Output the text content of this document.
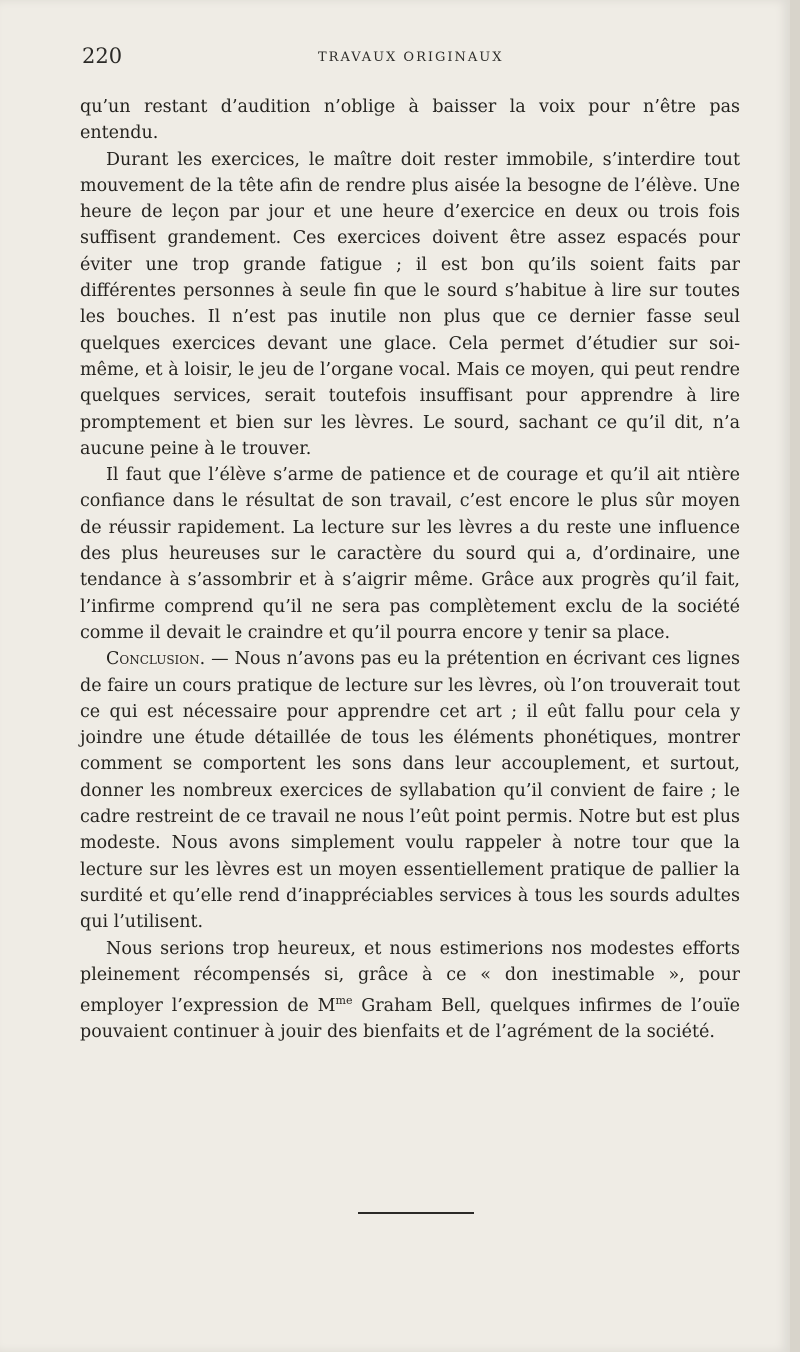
220	TRAVAUX ORIGINAUX

qu’un restant d’audition n’oblige à baisser la voix pour n’être pas entendu.

Durant les exercices, le maître doit rester immobile, s’interdire tout mouvement de la tête afin de rendre plus aisée la besogne de l’élève. Une heure de leçon par jour et une heure d’exercice en deux ou trois fois suffisent grandement. Ces exercices doivent être assez espacés pour éviter une trop grande fatigue ; il est bon qu’ils soient faits par différentes personnes à seule fin que le sourd s’habitue à lire sur toutes les bouches. Il n’est pas inutile non plus que ce dernier fasse seul quelques exercices devant une glace. Cela permet d’étudier sur soi-même, et à loisir, le jeu de l’organe vocal. Mais ce moyen, qui peut rendre quelques services, serait toutefois insuffisant pour apprendre à lire promptement et bien sur les lèvres. Le sourd, sachant ce qu’il dit, n’a aucune peine à le trouver.

Il faut que l’élève s’arme de patience et de courage et qu’il ait ntière confiance dans le résultat de son travail, c’est encore le plus sûr moyen de réussir rapidement. La lecture sur les lèvres a du reste une influence des plus heureuses sur le caractère du sourd qui a, d’ordinaire, une tendance à s’assombrir et à s’aigrir même. Grâce aux progrès qu’il fait, l’infirme comprend qu’il ne sera pas complètement exclu de la société comme il devait le craindre et qu’il pourra encore y tenir sa place.

Conclusion. — Nous n’avons pas eu la prétention en écrivant ces lignes de faire un cours pratique de lecture sur les lèvres, où l’on trouverait tout ce qui est nécessaire pour apprendre cet art ; il eût fallu pour cela y joindre une étude détaillée de tous les éléments phonétiques, montrer comment se comportent les sons dans leur accouplement, et surtout, donner les nombreux exercices de syllabation qu’il convient de faire ; le cadre restreint de ce travail ne nous l’eût point permis. Notre but est plus modeste. Nous avons simplement voulu rappeler à notre tour que la lecture sur les lèvres est un moyen essentiellement pratique de pallier la surdité et qu’elle rend d’inappréciables services à tous les sourds adultes qui l’utilisent.

Nous serions trop heureux, et nous estimerions nos modestes efforts pleinement récompensés si, grâce à ce « don inestimable », pour employer l’expression de $M^{me}$ Graham Bell, quelques infirmes de l’ouïe pouvaient continuer à jouir des bienfaits et de l’agrément de la société.
